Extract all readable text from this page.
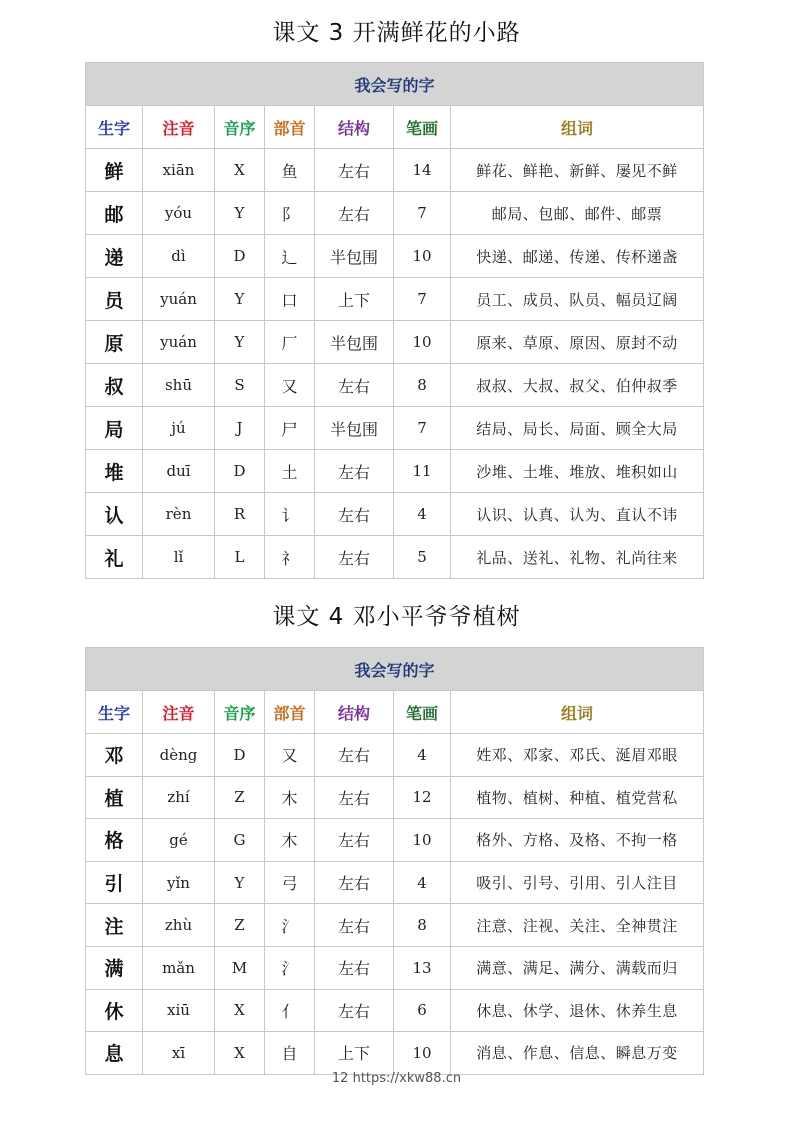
课文 3 开满鲜花的小路
我会写的字						
生字	注音	音序	部首	结构	笔画	组词
鲜	xiān	X	鱼	左右	14	鲜花、鲜艳、新鲜、屡见不鲜
邮	yóu	Y	阝	左右	7	邮局、包邮、邮件、邮票
递	dì	D	辶	半包围	10	快递、邮递、传递、传杯递盏
员	yuán	Y	口	上下	7	员工、成员、队员、幅员辽阔
原	yuán	Y	厂	半包围	10	原来、草原、原因、原封不动
叔	shū	S	又	左右	8	叔叔、大叔、叔父、伯仲叔季
局	jú	J	尸	半包围	7	结局、局长、局面、顾全大局
堆	duī	D	土	左右	11	沙堆、土堆、堆放、堆积如山
认	rèn	R	讠	左右	4	认识、认真、认为、直认不讳
礼	lǐ	L	礻	左右	5	礼品、送礼、礼物、礼尚往来
课文 4 邓小平爷爷植树
我会写的字						
生字	注音	音序	部首	结构	笔画	组词
邓	dèng	D	又	左右	4	姓邓、邓家、邓氏、涎眉邓眼
植	zhí	Z	木	左右	12	植物、植树、种植、植党营私
格	gé	G	木	左右	10	格外、方格、及格、不拘一格
引	yǐn	Y	弓	左右	4	吸引、引号、引用、引人注目
注	zhù	Z	氵	左右	8	注意、注视、关注、全神贯注
满	mǎn	M	氵	左右	13	满意、满足、满分、满载而归
休	xiū	X	亻	左右	6	休息、休学、退休、休养生息
息	xī	X	自	上下	10	消息、作息、信息、瞬息万变
12 https://xkw88.cn
